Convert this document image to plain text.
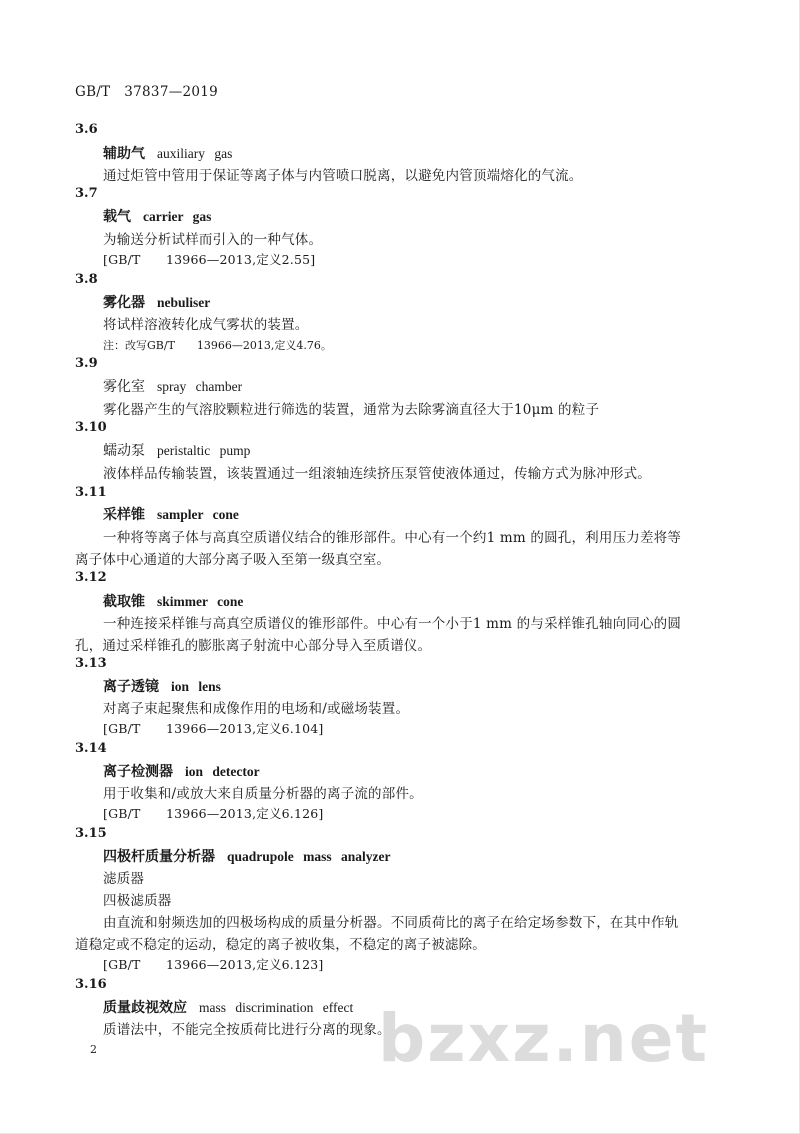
GB/T　37837—2019
3.6
辅助气 auxiliary gas
通过炬管中管用于保证等离子体与内管喷口脱离，以避免内管顶端熔化的气流。
3.7
载气 carrier gas
为输送分析试样而引入的一种气体。
[GB/T　　13966—2013,定义2.55]
3.8
雾化器 nebuliser
将试样溶液转化成气雾状的装置。
注：改写GB/T　　13966—2013,定义4.76。
3.9
雾化室 spray chamber
雾化器产生的气溶胶颗粒进行筛选的装置，通常为去除雾滴直径大于10μm 的粒子
3.10
蠕动泵 peristaltic pump
液体样品传输装置，该装置通过一组滚轴连续挤压泵管使液体通过，传输方式为脉冲形式。
3.11
采样锥 sampler cone
一种将等离子体与高真空质谱仪结合的锥形部件。中心有一个约1 mm 的圆孔，利用压力差将等
离子体中心通道的大部分离子吸入至第一级真空室。
3.12
截取锥 skimmer cone
一种连接采样锥与高真空质谱仪的锥形部件。中心有一个小于1 mm 的与采样锥孔轴向同心的圆
孔，通过采样锥孔的膨胀离子射流中心部分导入至质谱仪。
3.13
离子透镜 ion lens
对离子束起聚焦和成像作用的电场和/或磁场装置。
[GB/T　　13966—2013,定义6.104]
3.14
离子检测器 ion detector
用于收集和/或放大来自质量分析器的离子流的部件。
[GB/T　　13966—2013,定义6.126]
3.15
四极杆质量分析器 quadrupole mass analyzer
滤质器
四极滤质器
由直流和射频迭加的四极场构成的质量分析器。不同质荷比的离子在给定场参数下，在其中作轨
道稳定或不稳定的运动，稳定的离子被收集，不稳定的离子被滤除。
[GB/T　　13966—2013,定义6.123]
3.16
质量歧视效应 mass discrimination effect
质谱法中，不能完全按质荷比进行分离的现象。
bzxz.net
2
